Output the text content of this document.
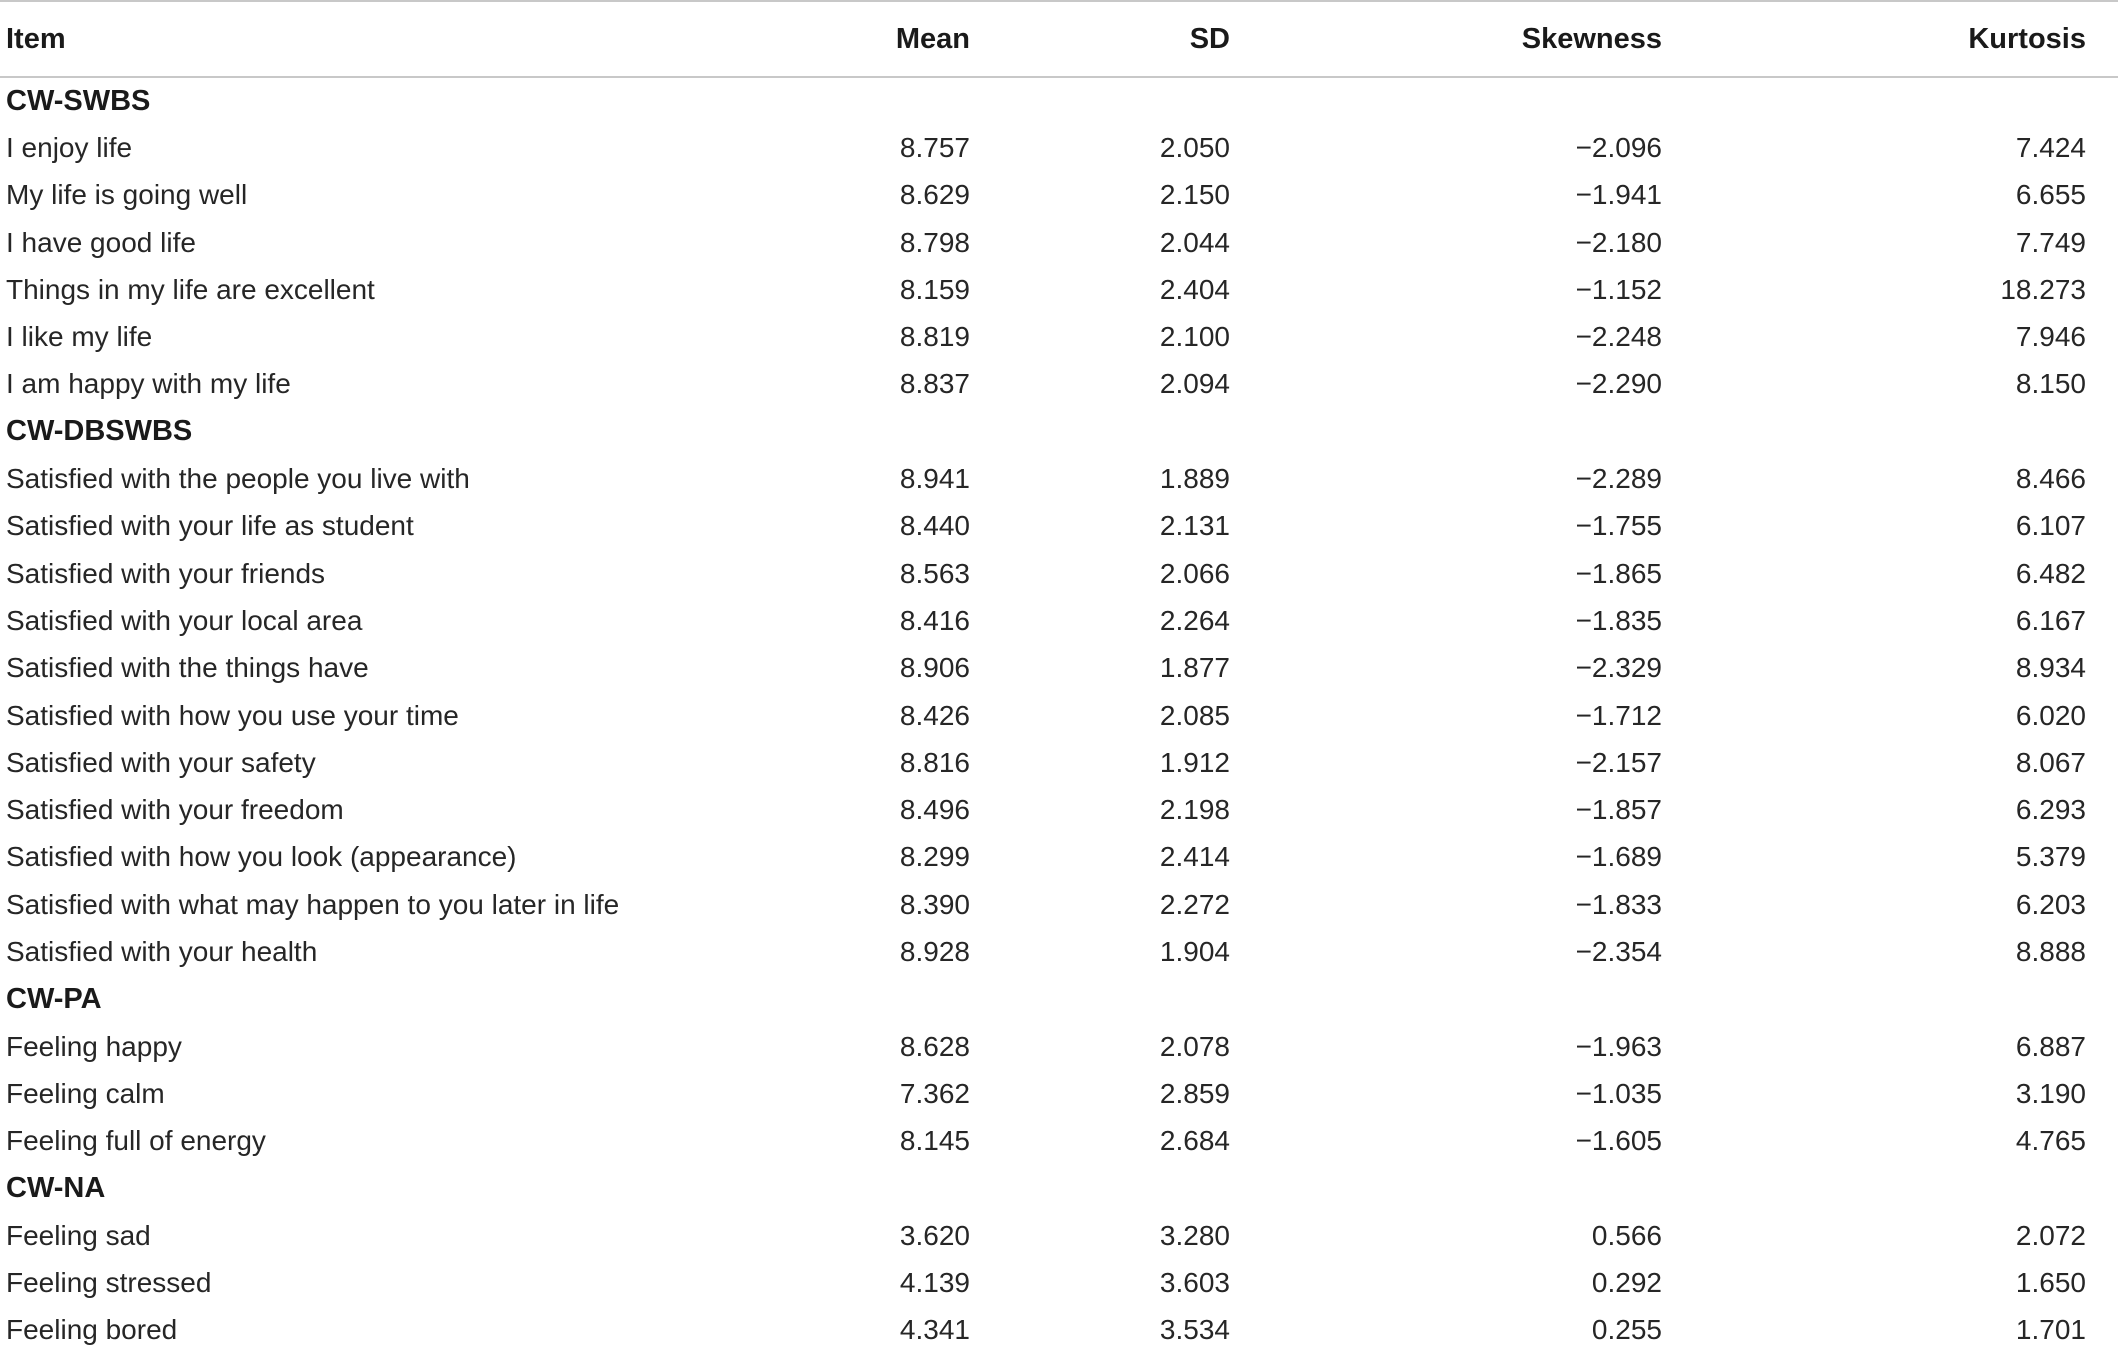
Item	Mean	SD	Skewness	Kurtosis
CW-SWBS				
I enjoy life	8.757	2.050	−2.096	7.424
My life is going well	8.629	2.150	−1.941	6.655
I have good life	8.798	2.044	−2.180	7.749
Things in my life are excellent	8.159	2.404	−1.152	18.273
I like my life	8.819	2.100	−2.248	7.946
I am happy with my life	8.837	2.094	−2.290	8.150
CW-DBSWBS				
Satisfied with the people you live with	8.941	1.889	−2.289	8.466
Satisfied with your life as student	8.440	2.131	−1.755	6.107
Satisfied with your friends	8.563	2.066	−1.865	6.482
Satisfied with your local area	8.416	2.264	−1.835	6.167
Satisfied with the things have	8.906	1.877	−2.329	8.934
Satisfied with how you use your time	8.426	2.085	−1.712	6.020
Satisfied with your safety	8.816	1.912	−2.157	8.067
Satisfied with your freedom	8.496	2.198	−1.857	6.293
Satisfied with how you look (appearance)	8.299	2.414	−1.689	5.379
Satisfied with what may happen to you later in life	8.390	2.272	−1.833	6.203
Satisfied with your health	8.928	1.904	−2.354	8.888
CW-PA				
Feeling happy	8.628	2.078	−1.963	6.887
Feeling calm	7.362	2.859	−1.035	3.190
Feeling full of energy	8.145	2.684	−1.605	4.765
CW-NA				
Feeling sad	3.620	3.280	0.566	2.072
Feeling stressed	4.139	3.603	0.292	1.650
Feeling bored	4.341	3.534	0.255	1.701
